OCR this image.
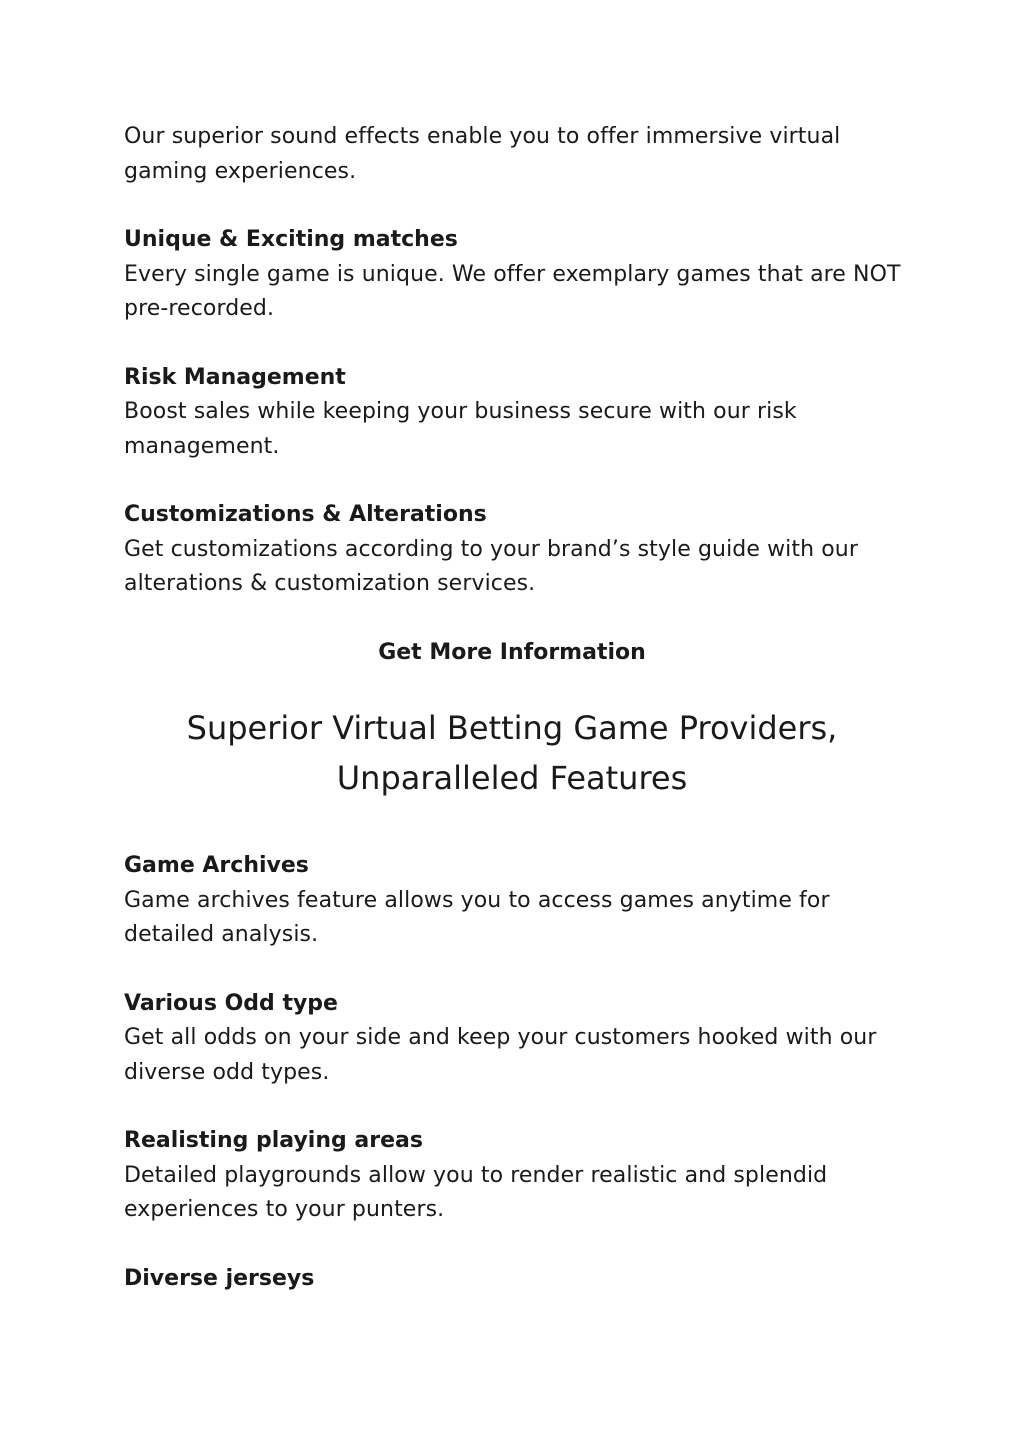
Our superior sound effects enable you to offer immersive virtual gaming experiences.

Unique & Exciting matches

Every single game is unique. We offer exemplary games that are NOT pre-recorded.

Risk Management

Boost sales while keeping your business secure with our risk management.

Customizations & Alterations

Get customizations according to your brand’s style guide with our alterations & customization services.

Get More Information

Superior Virtual Betting Game Providers, Unparalleled Features

Game Archives

Game archives feature allows you to access games anytime for detailed analysis.

Various Odd type

Get all odds on your side and keep your customers hooked with our diverse odd types.

Realisting playing areas

Detailed playgrounds allow you to render realistic and splendid experiences to your punters.

Diverse jerseys
